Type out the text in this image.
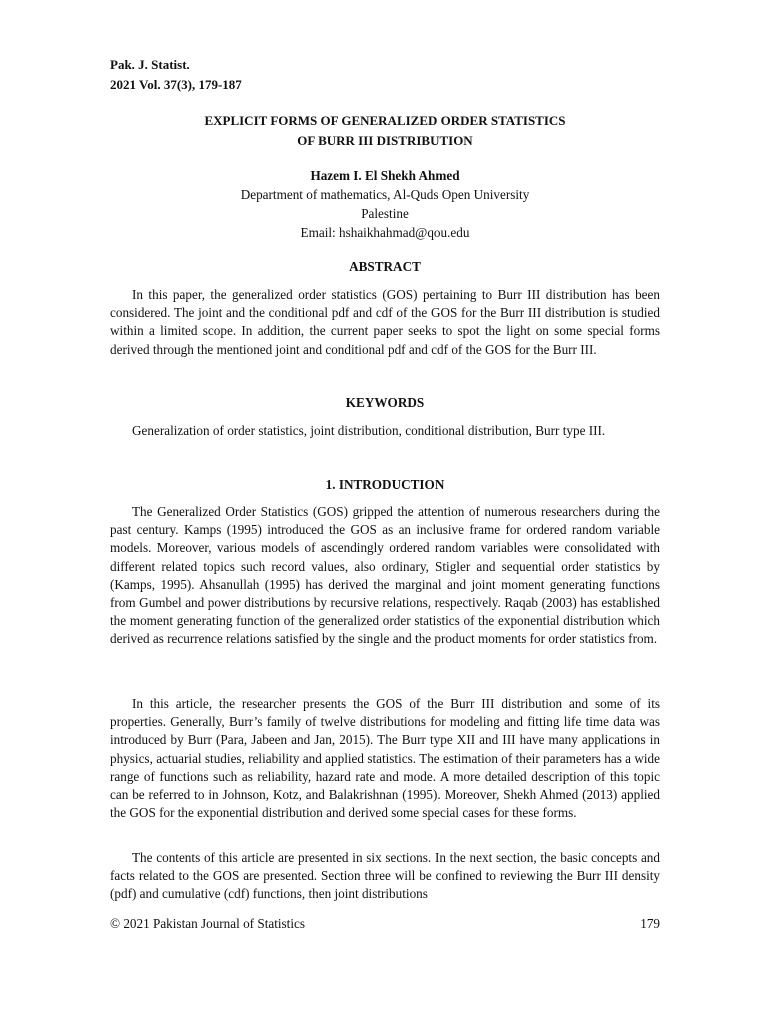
Pak. J. Statist.
2021 Vol. 37(3), 179-187
EXPLICIT FORMS OF GENERALIZED ORDER STATISTICS
OF BURR III DISTRIBUTION
Hazem I. El Shekh Ahmed
Department of mathematics, Al-Quds Open University
Palestine
Email: hshaikhahmad@qou.edu
ABSTRACT

In this paper, the generalized order statistics (GOS) pertaining to Burr III distribution has been considered. The joint and the conditional pdf and cdf of the GOS for the Burr III distribution is studied within a limited scope. In addition, the current paper seeks to spot the light on some special forms derived through the mentioned joint and conditional pdf and cdf of the GOS for the Burr III.

KEYWORDS

Generalization of order statistics, joint distribution, conditional distribution, Burr type III.

1. INTRODUCTION

The Generalized Order Statistics (GOS) gripped the attention of numerous researchers during the past century. Kamps (1995) introduced the GOS as an inclusive frame for ordered random variable models. Moreover, various models of ascendingly ordered random variables were consolidated with different related topics such record values, also ordinary, Stigler and sequential order statistics by (Kamps, 1995). Ahsanullah (1995) has derived the marginal and joint moment generating functions from Gumbel and power distributions by recursive relations, respectively. Raqab (2003) has established the moment generating function of the generalized order statistics of the exponential distribution which derived as recurrence relations satisfied by the single and the product moments for order statistics from.

In this article, the researcher presents the GOS of the Burr III distribution and some of its properties. Generally, Burr’s family of twelve distributions for modeling and fitting life time data was introduced by Burr (Para, Jabeen and Jan, 2015). The Burr type XII and III have many applications in physics, actuarial studies, reliability and applied statistics. The estimation of their parameters has a wide range of functions such as reliability, hazard rate and mode. A more detailed description of this topic can be referred to in Johnson, Kotz, and Balakrishnan (1995). Moreover, Shekh Ahmed (2013) applied the GOS for the exponential distribution and derived some special cases for these forms.

The contents of this article are presented in six sections. In the next section, the basic concepts and facts related to the GOS are presented. Section three will be confined to reviewing the Burr III density (pdf) and cumulative (cdf) functions, then joint distributions

© 2021 Pakistan Journal of Statistics	179
